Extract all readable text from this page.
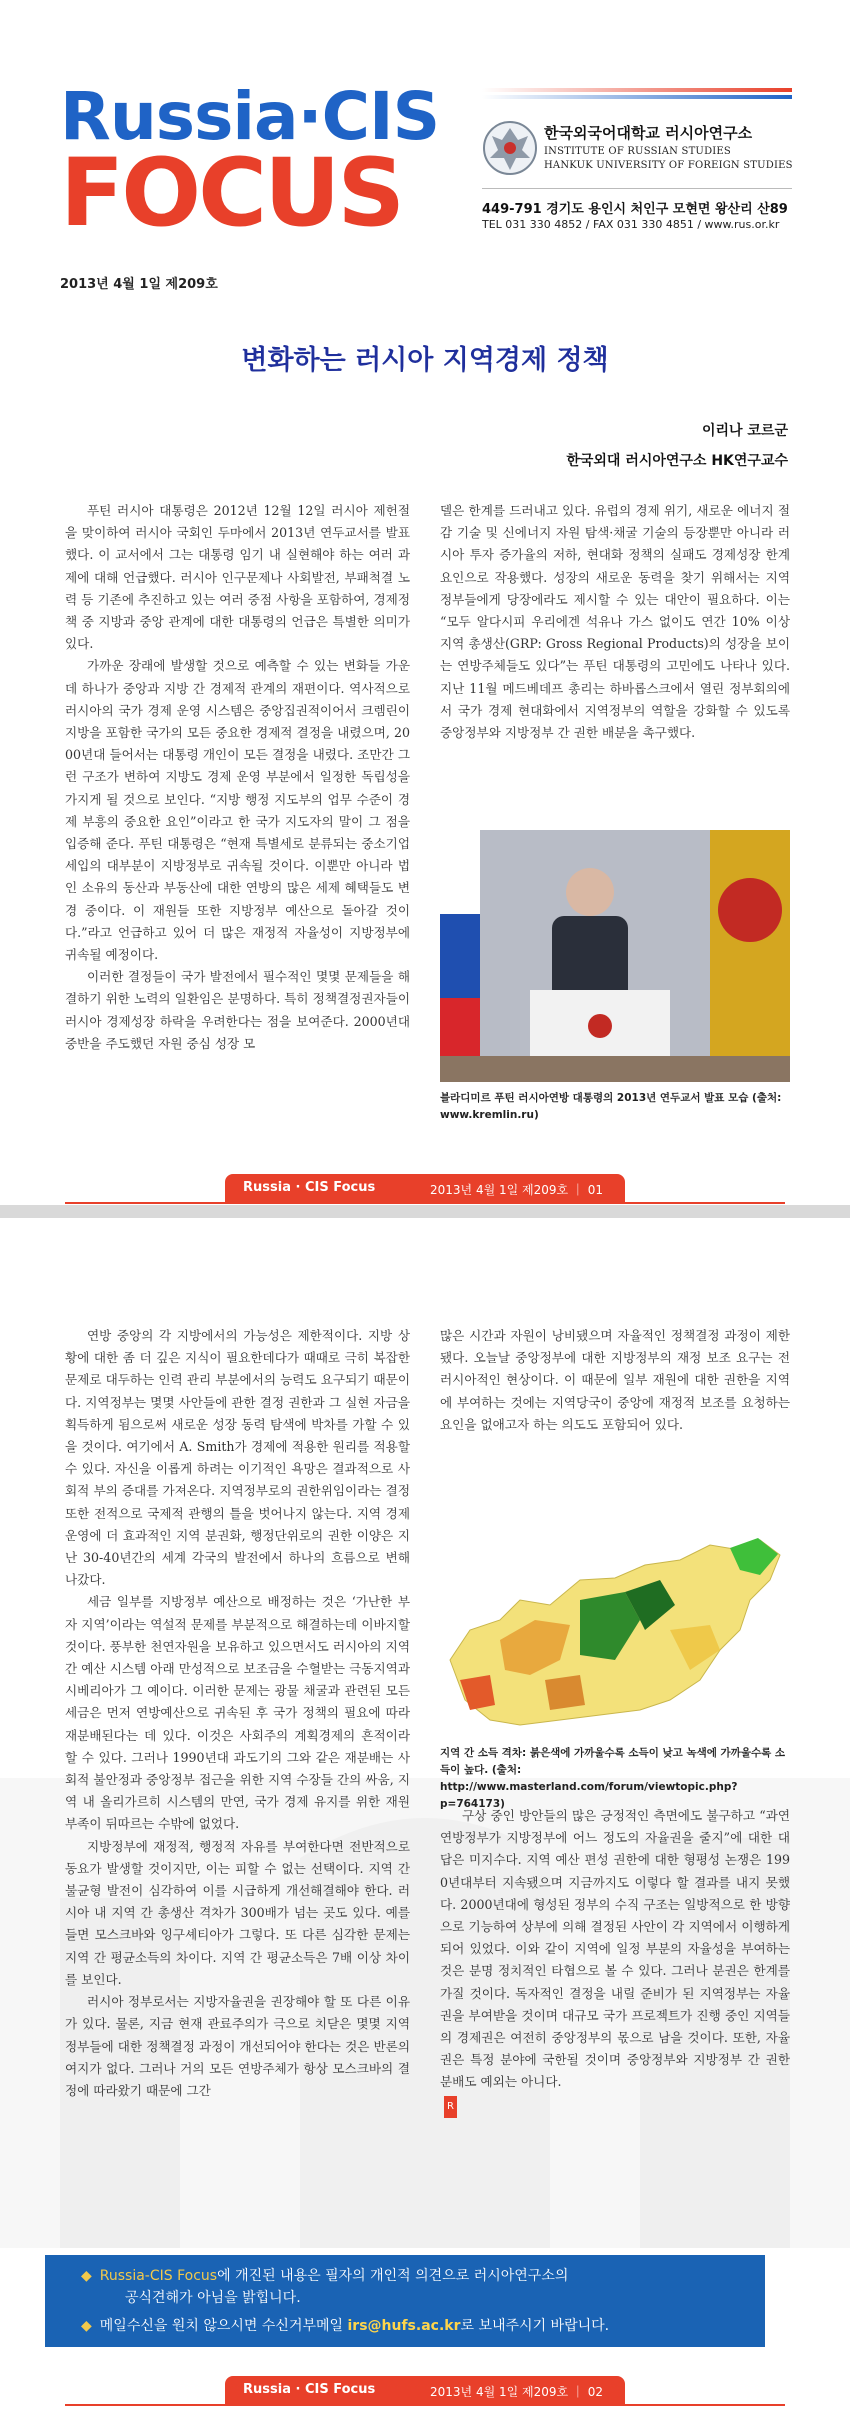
Russia·CIS
FOCUS
2013년 4월 1일 제209호
한국외국어대학교 러시아연구소
INSTITUTE OF RUSSIAN STUDIES
HANKUK UNIVERSITY OF FOREIGN STUDIES
449-791 경기도 용인시 처인구 모현면 왕산리 산89
TEL 031 330 4852 / FAX 031 330 4851 / www.rus.or.kr
변화하는 러시아 지역경제 정책
이리나 코르군
한국외대 러시아연구소 HK연구교수

푸틴 러시아 대통령은 2012년 12월 12일 러시아 제헌절을 맞이하여 러시아 국회인 두마에서 2013년 연두교서를 발표했다. 이 교서에서 그는 대통령 임기 내 실현해야 하는 여러 과제에 대해 언급했다. 러시아 인구문제나 사회발전, 부패척결 노력 등 기존에 추진하고 있는 여러 중점 사항을 포함하여, 경제정책 중 지방과 중앙 관계에 대한 대통령의 언급은 특별한 의미가 있다.

가까운 장래에 발생할 것으로 예측할 수 있는 변화들 가운데 하나가 중앙과 지방 간 경제적 관계의 재편이다. 역사적으로 러시아의 국가 경제 운영 시스템은 중앙집권적이어서 크렘린이 지방을 포함한 국가의 모든 중요한 경제적 결정을 내렸으며, 2000년대 들어서는 대통령 개인이 모든 결정을 내렸다. 조만간 그런 구조가 변하여 지방도 경제 운영 부분에서 일정한 독립성을 가지게 될 것으로 보인다. “지방 행정 지도부의 업무 수준이 경제 부흥의 중요한 요인”이라고 한 국가 지도자의 말이 그 점을 입증해 준다. 푸틴 대통령은 “현재 특별세로 분류되는 중소기업 세입의 대부분이 지방정부로 귀속될 것이다. 이뿐만 아니라 법인 소유의 동산과 부동산에 대한 연방의 많은 세제 혜택들도 변경 중이다. 이 재원들 또한 지방정부 예산으로 돌아갈 것이다.”라고 언급하고 있어 더 많은 재정적 자율성이 지방정부에 귀속될 예정이다.

이러한 결정들이 국가 발전에서 필수적인 몇몇 문제들을 해결하기 위한 노력의 일환임은 분명하다. 특히 정책결정권자들이 러시아 경제성장 하락을 우려한다는 점을 보여준다. 2000년대 중반을 주도했던 자원 중심 성장 모

델은 한계를 드러내고 있다. 유럽의 경제 위기, 새로운 에너지 절감 기술 및 신에너지 자원 탐색·채굴 기술의 등장뿐만 아니라 러시아 투자 증가율의 저하, 현대화 정책의 실패도 경제성장 한계 요인으로 작용했다. 성장의 새로운 동력을 찾기 위해서는 지역 정부들에게 당장에라도 제시할 수 있는 대안이 필요하다. 이는 “모두 알다시피 우리에겐 석유나 가스 없이도 연간 10% 이상 지역 총생산(GRP: Gross Regional Products)의 성장을 보이는 연방주체들도 있다”는 푸틴 대통령의 고민에도 나타나 있다. 지난 11월 메드베데프 총리는 하바롭스크에서 열린 정부회의에서 국가 경제 현대화에서 지역정부의 역할을 강화할 수 있도록 중앙정부와 지방정부 간 권한 배분을 촉구했다.

블라디미르 푸틴 러시아연방 대통령의 2013년 연두교서 발표 모습 (출처: www.kremlin.ru)
Russia · CIS Focus	2013년 4월 1일 제209호 ｜ 01

연방 중앙의 각 지방에서의 가능성은 제한적이다. 지방 상황에 대한 좀 더 깊은 지식이 필요한데다가 때때로 극히 복잡한 문제로 대두하는 인력 관리 부분에서의 능력도 요구되기 때문이다. 지역정부는 몇몇 사안들에 관한 결정 권한과 그 실현 자금을 획득하게 됨으로써 새로운 성장 동력 탐색에 박차를 가할 수 있을 것이다. 여기에서 A. Smith가 경제에 적용한 원리를 적용할 수 있다. 자신을 이롭게 하려는 이기적인 욕망은 결과적으로 사회적 부의 증대를 가져온다. 지역정부로의 권한위임이라는 결정 또한 전적으로 국제적 관행의 틀을 벗어나지 않는다. 지역 경제 운영에 더 효과적인 지역 분권화, 행정단위로의 권한 이양은 지난 30-40년간의 세계 각국의 발전에서 하나의 흐름으로 변해 나갔다.

세금 일부를 지방정부 예산으로 배정하는 것은 ‘가난한 부자 지역’이라는 역설적 문제를 부분적으로 해결하는데 이바지할 것이다. 풍부한 천연자원을 보유하고 있으면서도 러시아의 지역 간 예산 시스템 아래 만성적으로 보조금을 수혈받는 극동지역과 시베리아가 그 예이다. 이러한 문제는 광물 채굴과 관련된 모든 세금은 먼저 연방예산으로 귀속된 후 국가 정책의 필요에 따라 재분배된다는 데 있다. 이것은 사회주의 계획경제의 흔적이라 할 수 있다. 그러나 1990년대 과도기의 그와 같은 재분배는 사회적 불안정과 중앙정부 접근을 위한 지역 수장들 간의 싸움, 지역 내 올리가르히 시스템의 만연, 국가 경제 유지를 위한 재원 부족이 뒤따르는 수밖에 없었다.

지방정부에 재정적, 행정적 자유를 부여한다면 전반적으로 동요가 발생할 것이지만, 이는 피할 수 없는 선택이다. 지역 간 불균형 발전이 심각하여 이를 시급하게 개선해결해야 한다. 러시아 내 지역 간 총생산 격차가 300배가 넘는 곳도 있다. 예를 들면 모스크바와 잉구셰티아가 그렇다. 또 다른 심각한 문제는 지역 간 평균소득의 차이다. 지역 간 평균소득은 7배 이상 차이를 보인다.

러시아 정부로서는 지방자율권을 권장해야 할 또 다른 이유가 있다. 물론, 지금 현재 관료주의가 극으로 치닫은 몇몇 지역정부들에 대한 정책결정 과정이 개선되어야 한다는 것은 반론의 여지가 없다. 그러나 거의 모든 연방주체가 항상 모스크바의 결정에 따라왔기 때문에 그간

많은 시간과 자원이 낭비됐으며 자율적인 정책결정 과정이 제한됐다. 오늘날 중앙정부에 대한 지방정부의 재정 보조 요구는 전 러시아적인 현상이다. 이 때문에 일부 재원에 대한 권한을 지역에 부여하는 것에는 지역당국이 중앙에 재정적 보조를 요청하는 요인을 없애고자 하는 의도도 포함되어 있다.

지역 간 소득 격차: 붉은색에 가까울수록 소득이 낮고 녹색에 가까울수록 소득이 높다. (출처: http://www.masterland.com/forum/viewtopic.php?p=764173)

구상 중인 방안들의 많은 긍정적인 측면에도 불구하고 “과연 연방정부가 지방정부에 어느 정도의 자율권을 줄지”에 대한 대답은 미지수다. 지역 예산 편성 권한에 대한 형평성 논쟁은 1990년대부터 지속됐으며 지금까지도 이렇다 할 결과를 내지 못했다. 2000년대에 형성된 정부의 수직 구조는 일방적으로 한 방향으로 기능하여 상부에 의해 결정된 사안이 각 지역에서 이행하게 되어 있었다. 이와 같이 지역에 일정 부분의 자율성을 부여하는 것은 분명 정치적인 타협으로 볼 수 있다. 그러나 분권은 한계를 가질 것이다. 독자적인 결정을 내릴 준비가 된 지역정부는 자율권을 부여받을 것이며 대규모 국가 프로젝트가 진행 중인 지역들의 경제권은 여전히 중앙정부의 몫으로 남을 것이다. 또한, 자율권은 특정 분야에 국한될 것이며 중앙정부와 지방정부 간 권한 분배도 예외는 아니다.

R
◆ Russia-CIS Focus에 개진된 내용은 필자의 개인적 의견으로 러시아연구소의
공식견해가 아님을 밝힙니다.
◆ 메일수신을 원치 않으시면 수신거부메일 irs@hufs.ac.kr로 보내주시기 바랍니다.
Russia · CIS Focus	2013년 4월 1일 제209호 ｜ 02
